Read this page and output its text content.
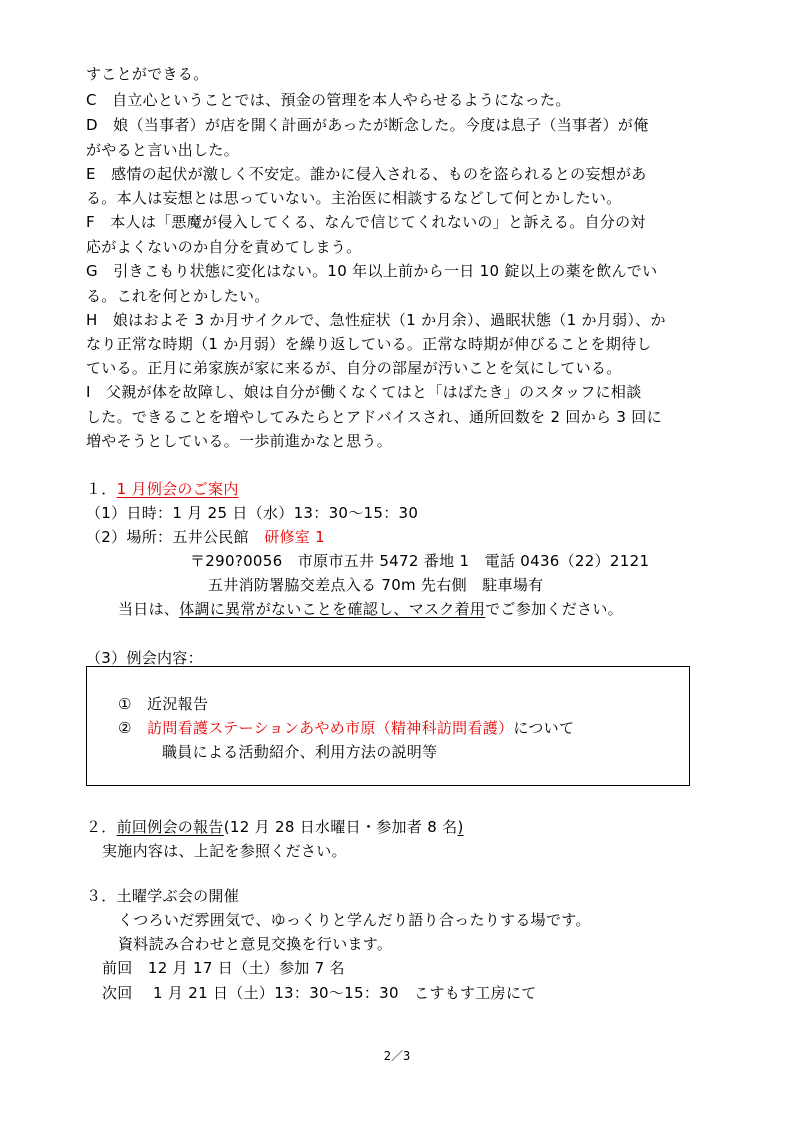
すことができる。
C　自立心ということでは、預金の管理を本人やらせるようになった。
D　娘（当事者）が店を開く計画があったが断念した。今度は息子（当事者）が俺
がやると言い出した。
E　感情の起伏が激しく不安定。誰かに侵入される、ものを盗られるとの妄想があ
る。本人は妄想とは思っていない。主治医に相談するなどして何とかしたい。
F　本人は「悪魔が侵入してくる、なんで信じてくれないの」と訴える。自分の対
応がよくないのか自分を責めてしまう。
G　引きこもり状態に変化はない。10 年以上前から一日 10 錠以上の薬を飲んでい
る。これを何とかしたい。
H　娘はおよそ 3 か月サイクルで、急性症状（1 か月余）、過眠状態（1 か月弱）、か
なり正常な時期（1 か月弱）を繰り返している。正常な時期が伸びることを期待し
ている。正月に弟家族が家に来るが、自分の部屋が汚いことを気にしている。
I　父親が体を故障し、娘は自分が働くなくてはと「はばたき」のスタッフに相談
した。できることを増やしてみたらとアドバイスされ、通所回数を 2 回から 3 回に
増やそうとしている。一歩前進かなと思う。
１．1 月例会のご案内
（1）日時：1 月 25 日（水）13：30～15：30
（2）場所：五井公民館　研修室 1
〒290?0056　市原市五井 5472 番地 1　電話 0436（22）2121
五井消防署脇交差点入る 70m 先右側　駐車場有
当日は、体調に異常がないことを確認し、マスク着用でご参加ください。
（3）例会内容：
①　近況報告
②　訪問看護ステーションあやめ市原（精神科訪問看護）について
職員による活動紹介、利用方法の説明等
２．前回例会の報告(12 月 28 日水曜日・参加者 8 名)
実施内容は、上記を参照ください。
３．土曜学ぶ会の開催
くつろいだ雰囲気で、ゆっくりと学んだり語り合ったりする場です。
資料読み合わせと意見交換を行います。
前回　12 月 17 日（土）参加 7 名
次回　 1 月 21 日（土）13：30～15：30　こすもす工房にて
2／3
